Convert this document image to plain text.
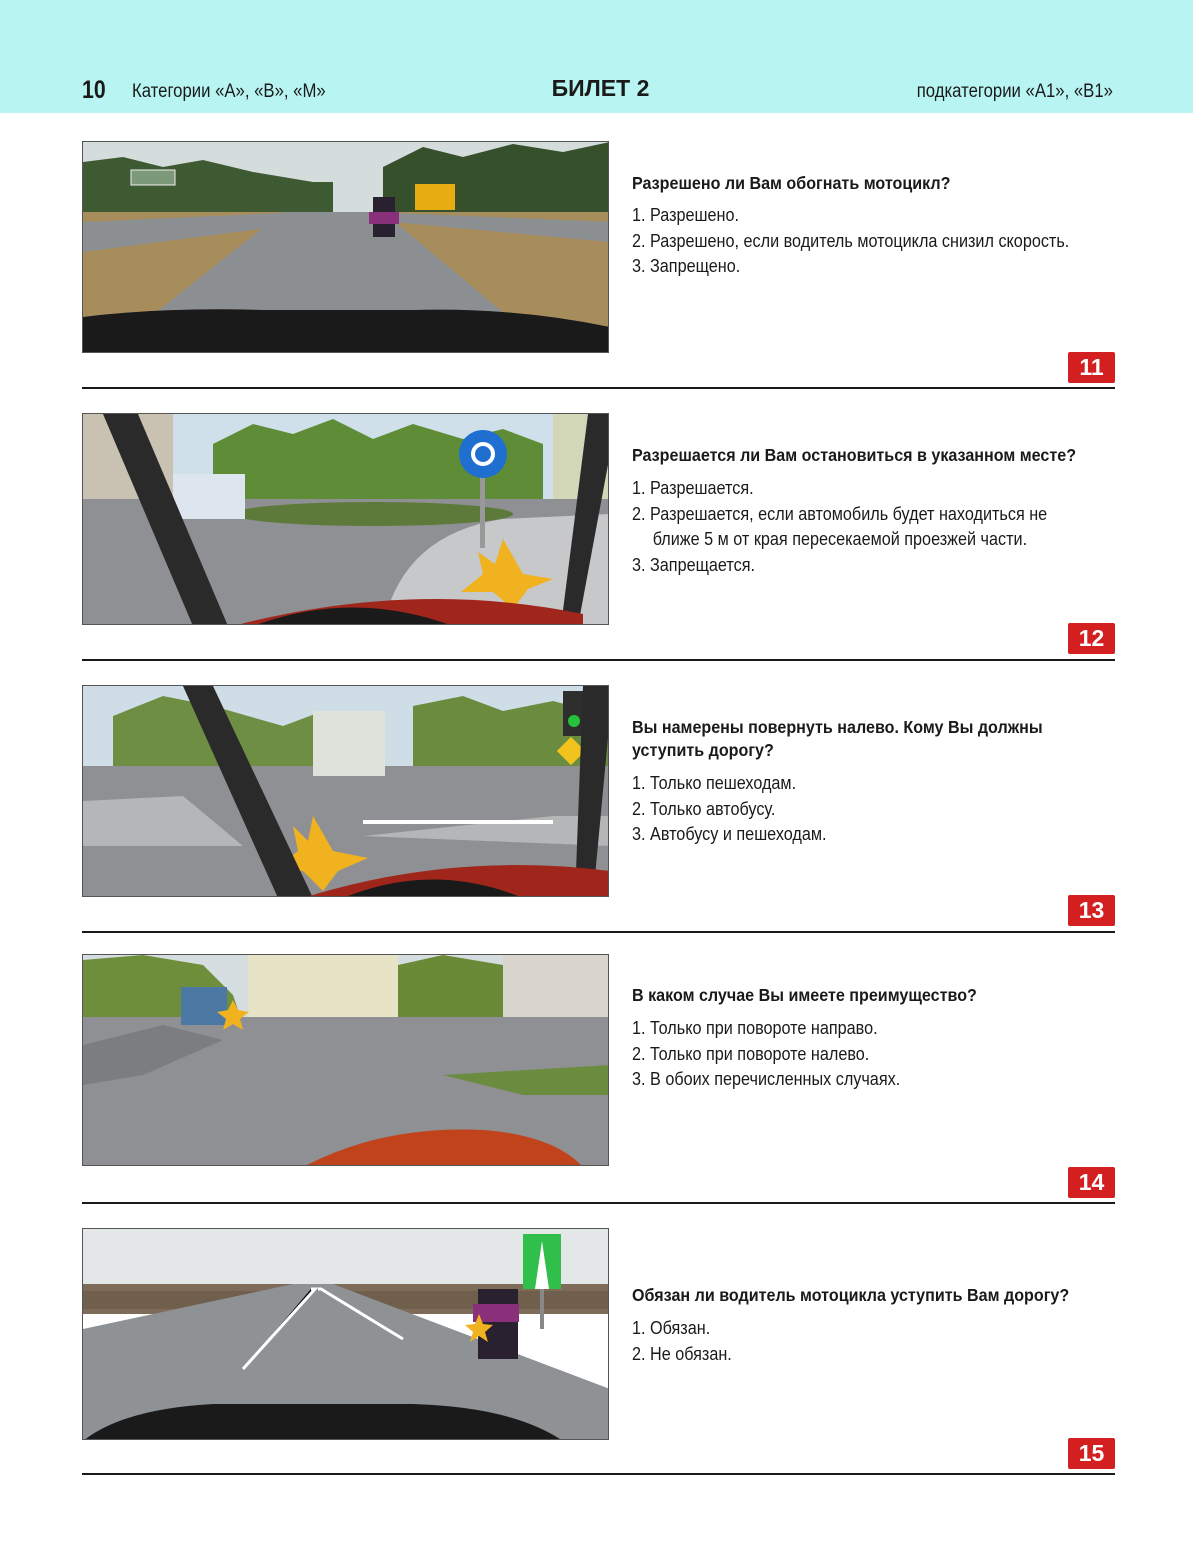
10 Категории «А», «В», «М»	БИЛЕТ 2	подкатегории «А1», «В1»
Разрешено ли Вам обогнать мотоцикл?
1. Разрешено.
2. Разрешено, если водитель мотоцикла снизил скорость.
3. Запрещено.
11
Разрешается ли Вам остановиться в указанном месте?
1. Разрешается.
2. Разрешается, если автомобиль будет находиться не ближе 5 м от края пересекаемой проезжей части.
3. Запрещается.
12
Вы намерены повернуть налево. Кому Вы должны уступить дорогу?
1. Только пешеходам.
2. Только автобусу.
3. Автобусу и пешеходам.
13
В каком случае Вы имеете преимущество?
1. Только при повороте направо.
2. Только при повороте налево.
3. В обоих перечисленных случаях.
14
Обязан ли водитель мотоцикла уступить Вам дорогу?
1. Обязан.
2. Не обязан.
15
